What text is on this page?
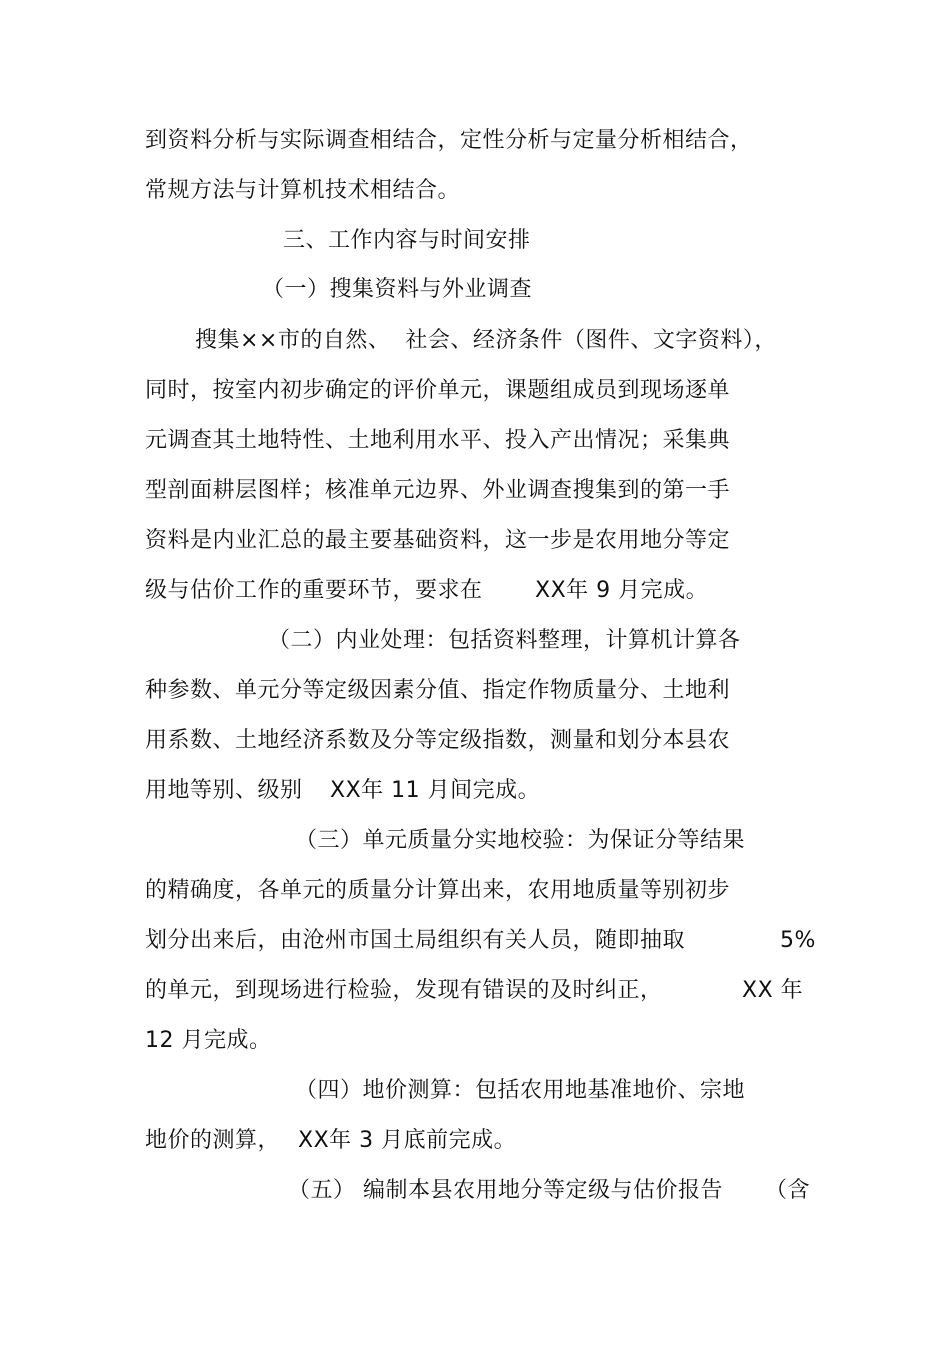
到资料分析与实际调查相结合，定性分析与定量分析相结合，
常规方法与计算机技术相结合。
三、工作内容与时间安排
（一）搜集资料与外业调查
搜集××市的自然、  社会、经济条件（图件、文字资料），
同时，按室内初步确定的评价单元，课题组成员到现场逐单
元调查其土地特性、土地利用水平、投入产出情况；采集典
型剖面耕层图样；核准单元边界、外业调查搜集到的第一手
资料是内业汇总的最主要基础资料，这一步是农用地分等定
级与估价工作的重要环节，要求在 XX年 9 月完成。
（二）内业处理：包括资料整理，计算机计算各
种参数、单元分等定级因素分值、指定作物质量分、土地利
用系数、土地经济系数及分等定级指数，测量和划分本县农
用地等别、级别 XX年 11 月间完成。
（三）单元质量分实地校验：为保证分等结果
的精确度，各单元的质量分计算出来，农用地质量等别初步
划分出来后，由沧州市国土局组织有关人员，随即抽取	5%
的单元，到现场进行检验，发现有错误的及时纠正，	XX 年
12 月完成。
（四）地价测算：包括农用地基准地价、宗地
地价的测算， XX年 3 月底前完成。
（五） 编制本县农用地分等定级与估价报告 （含
